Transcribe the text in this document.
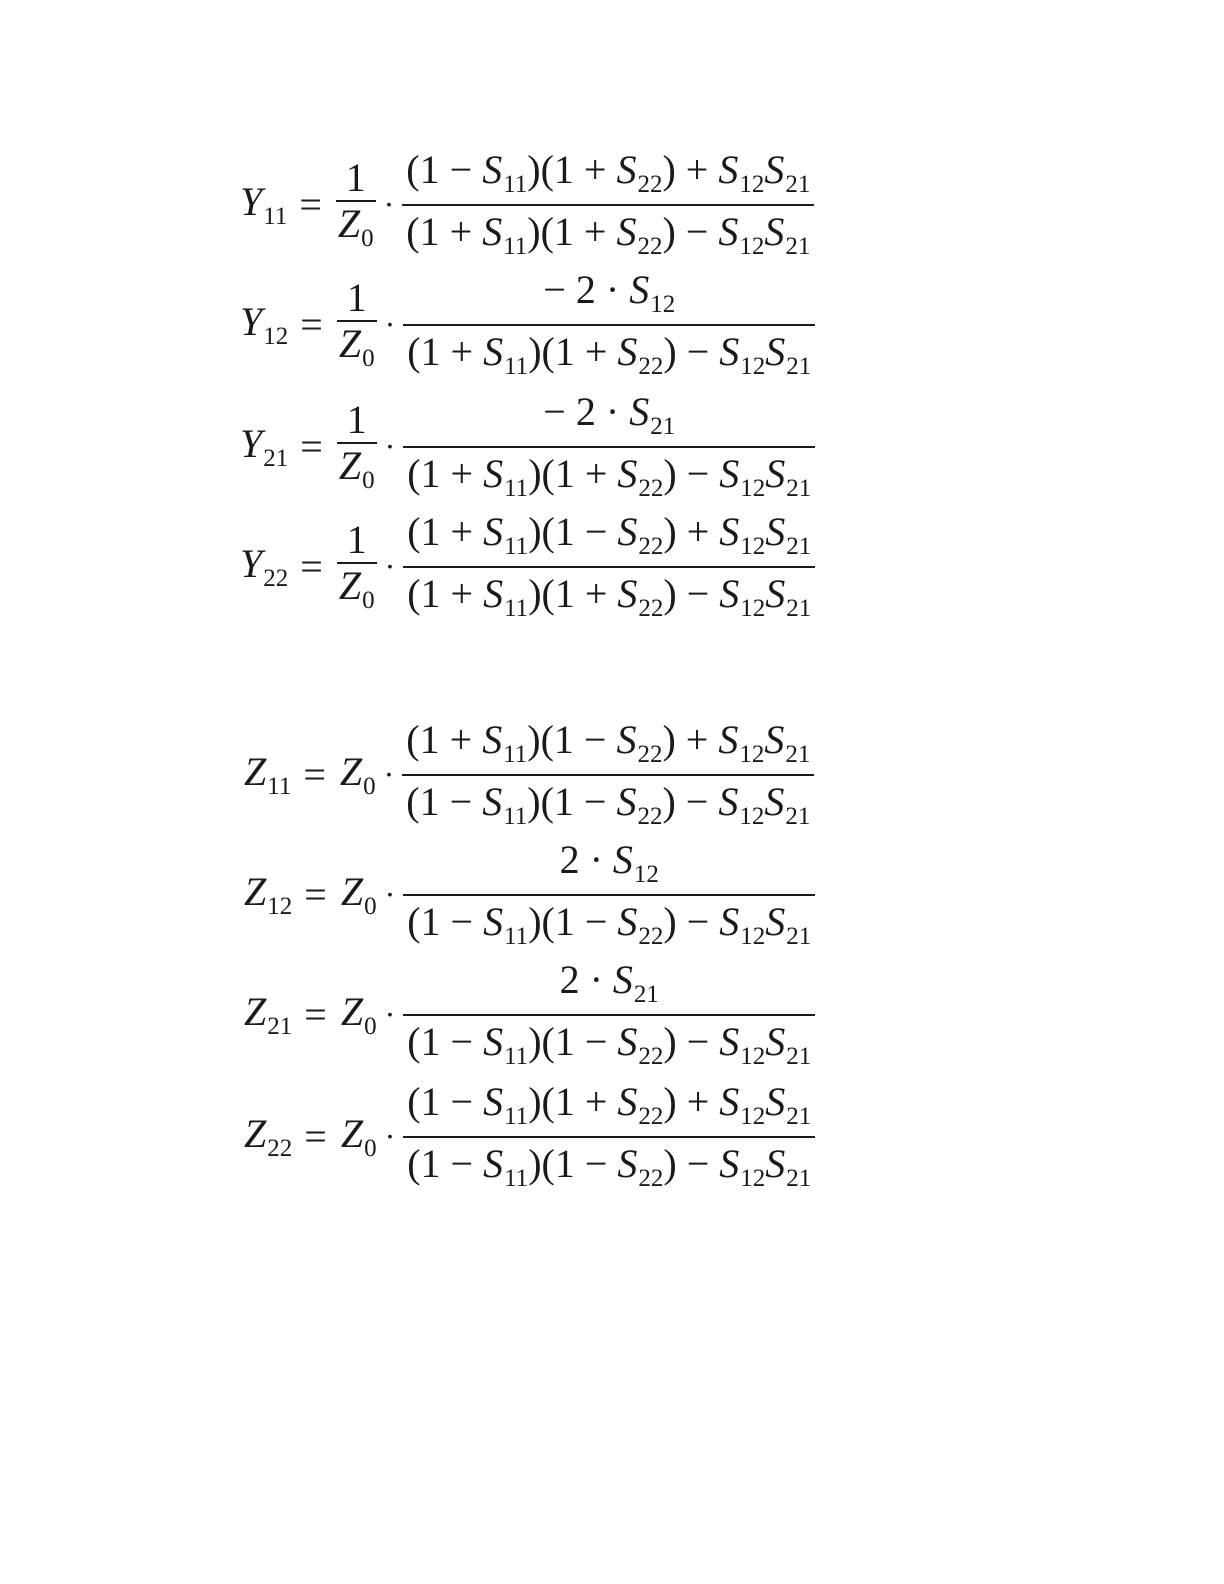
$Y_{11} = \frac{1}{Z_0} \cdot \frac{(1 - S_{11})(1 + S_{22}) + S_{12}S_{21}}{(1 + S_{11})(1 + S_{22}) - S_{12}S_{21}}$
$Y_{12} = \frac{1}{Z_0} \cdot \frac{- 2 \cdot S_{12}}{(1 + S_{11})(1 + S_{22}) - S_{12}S_{21}}$
$Y_{21} = \frac{1}{Z_0} \cdot \frac{- 2 \cdot S_{21}}{(1 + S_{11})(1 + S_{22}) - S_{12}S_{21}}$
$Y_{22} = \frac{1}{Z_0} \cdot \frac{(1 + S_{11})(1 - S_{22}) + S_{12}S_{21}}{(1 + S_{11})(1 + S_{22}) - S_{12}S_{21}}$
$Z_{11} = Z_0 \cdot \frac{(1 + S_{11})(1 - S_{22}) + S_{12}S_{21}}{(1 - S_{11})(1 - S_{22}) - S_{12}S_{21}}$
$Z_{12} = Z_0 \cdot \frac{2 \cdot S_{12}}{(1 - S_{11})(1 - S_{22}) - S_{12}S_{21}}$
$Z_{21} = Z_0 \cdot \frac{2 \cdot S_{21}}{(1 - S_{11})(1 - S_{22}) - S_{12}S_{21}}$
$Z_{22} = Z_0 \cdot \frac{(1 - S_{11})(1 + S_{22}) + S_{12}S_{21}}{(1 - S_{11})(1 - S_{22}) - S_{12}S_{21}}$
